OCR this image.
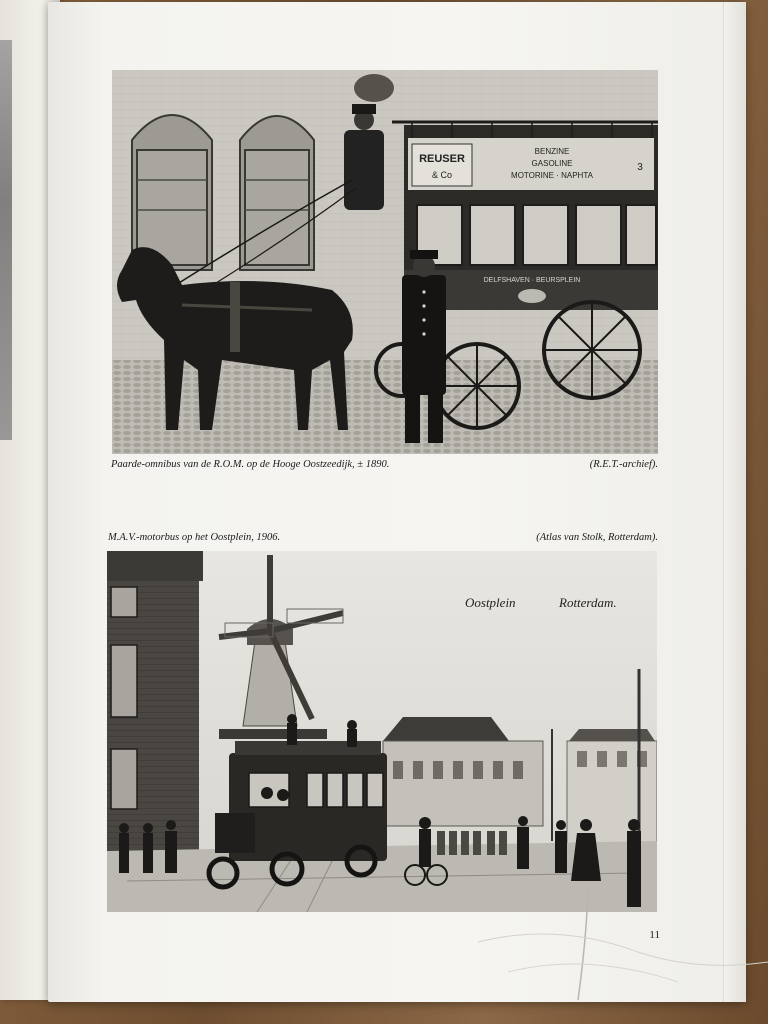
REUSER
& Co
BENZINE
GASOLINE
MOTORINE · NAPHTA
3
DELFSHAVEN · BEURSPLEIN
Paarde-omnibus van de R.O.M. op de Hooge Oostzeedijk, ± 1890.	(R.E.T.-archief).
M.A.V.-motorbus op het Oostplein, 1906.	(Atlas van Stolk, Rotterdam).
Oostplein	Rotterdam.
11
